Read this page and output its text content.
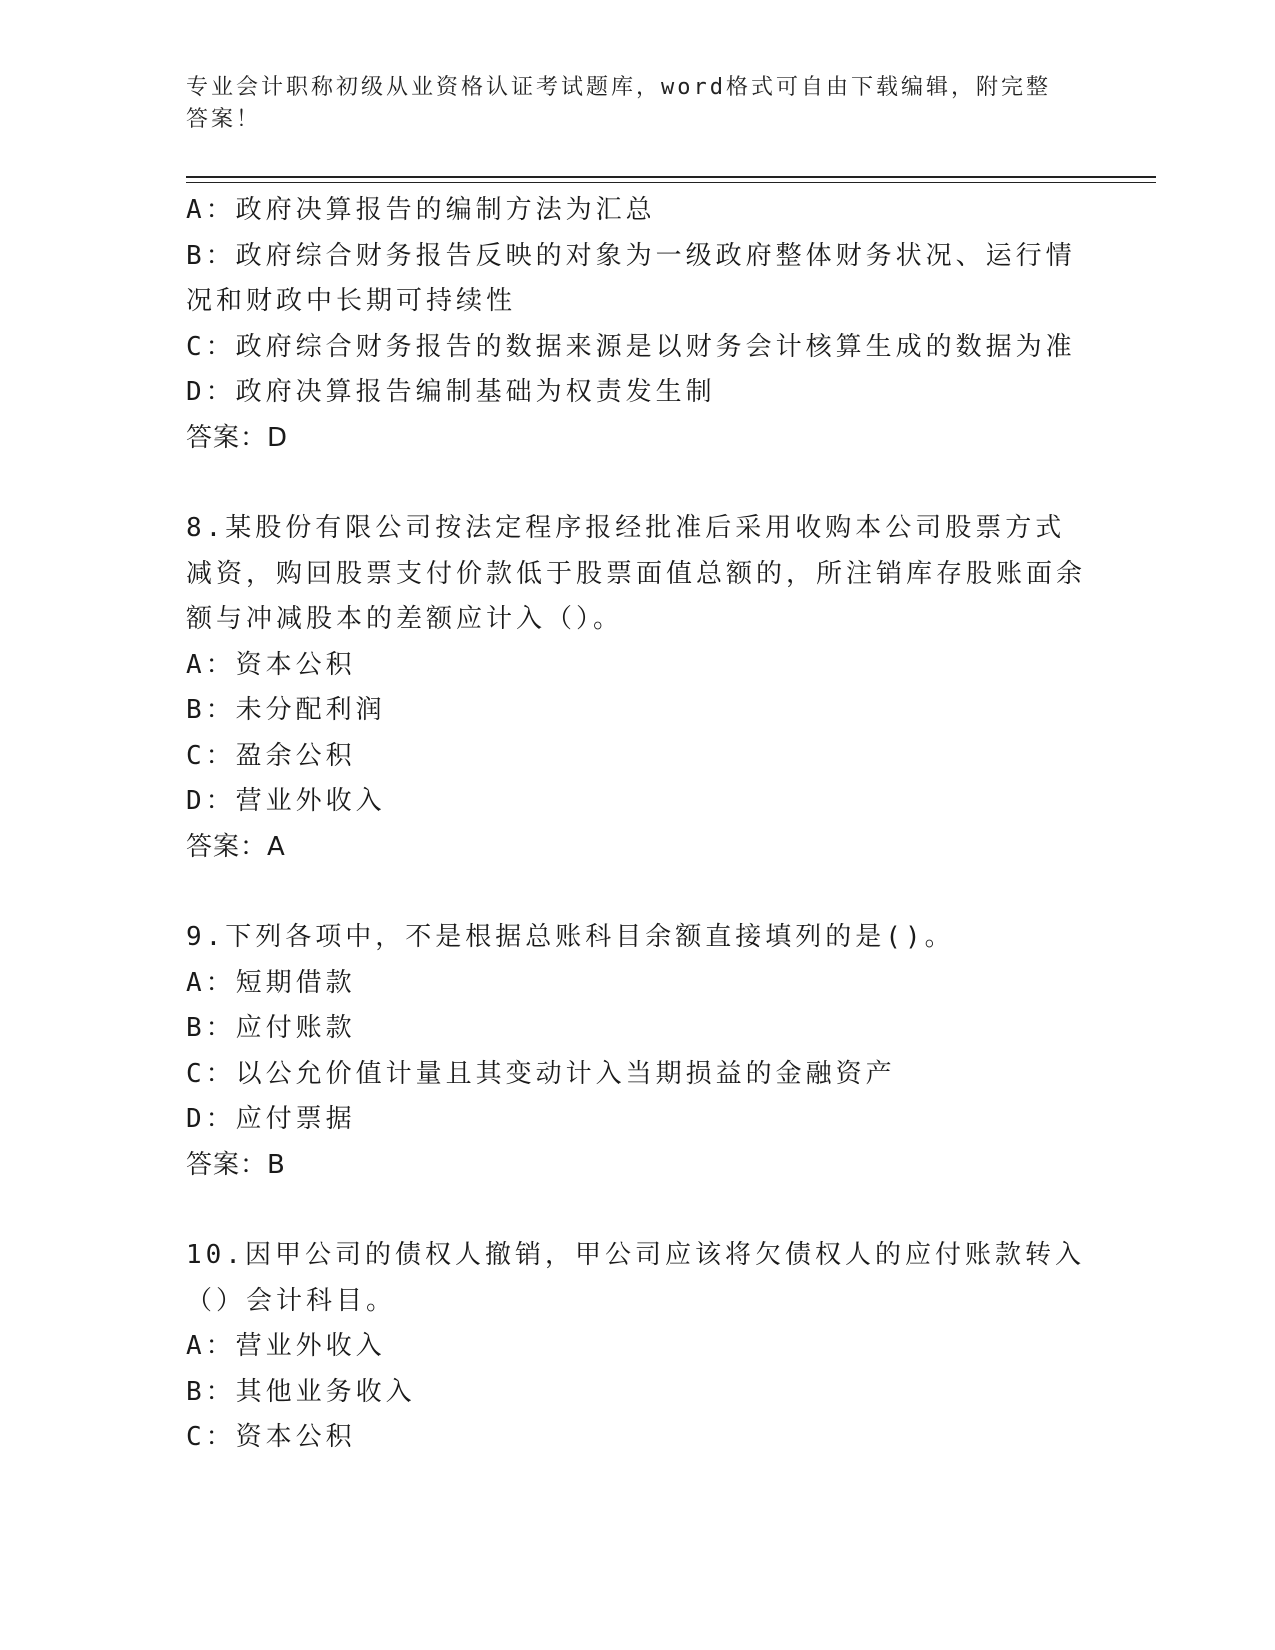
专业会计职称初级从业资格认证考试题库，word格式可自由下载编辑，附完整答案！

A：政府决算报告的编制方法为汇总

B：政府综合财务报告反映的对象为一级政府整体财务状况、运行情况和财政中长期可持续性

C：政府综合财务报告的数据来源是以财务会计核算生成的数据为准

D：政府决算报告编制基础为权责发生制

答案：D

8.某股份有限公司按法定程序报经批准后采用收购本公司股票方式减资，购回股票支付价款低于股票面值总额的，所注销库存股账面余额与冲减股本的差额应计入（）。

A：资本公积

B：未分配利润

C：盈余公积

D：营业外收入

答案：A

9.下列各项中，不是根据总账科目余额直接填列的是()。

A：短期借款

B：应付账款

C：以公允价值计量且其变动计入当期损益的金融资产

D：应付票据

答案：B

10.因甲公司的债权人撤销，甲公司应该将欠债权人的应付账款转入（）会计科目。

A：营业外收入

B：其他业务收入

C：资本公积
